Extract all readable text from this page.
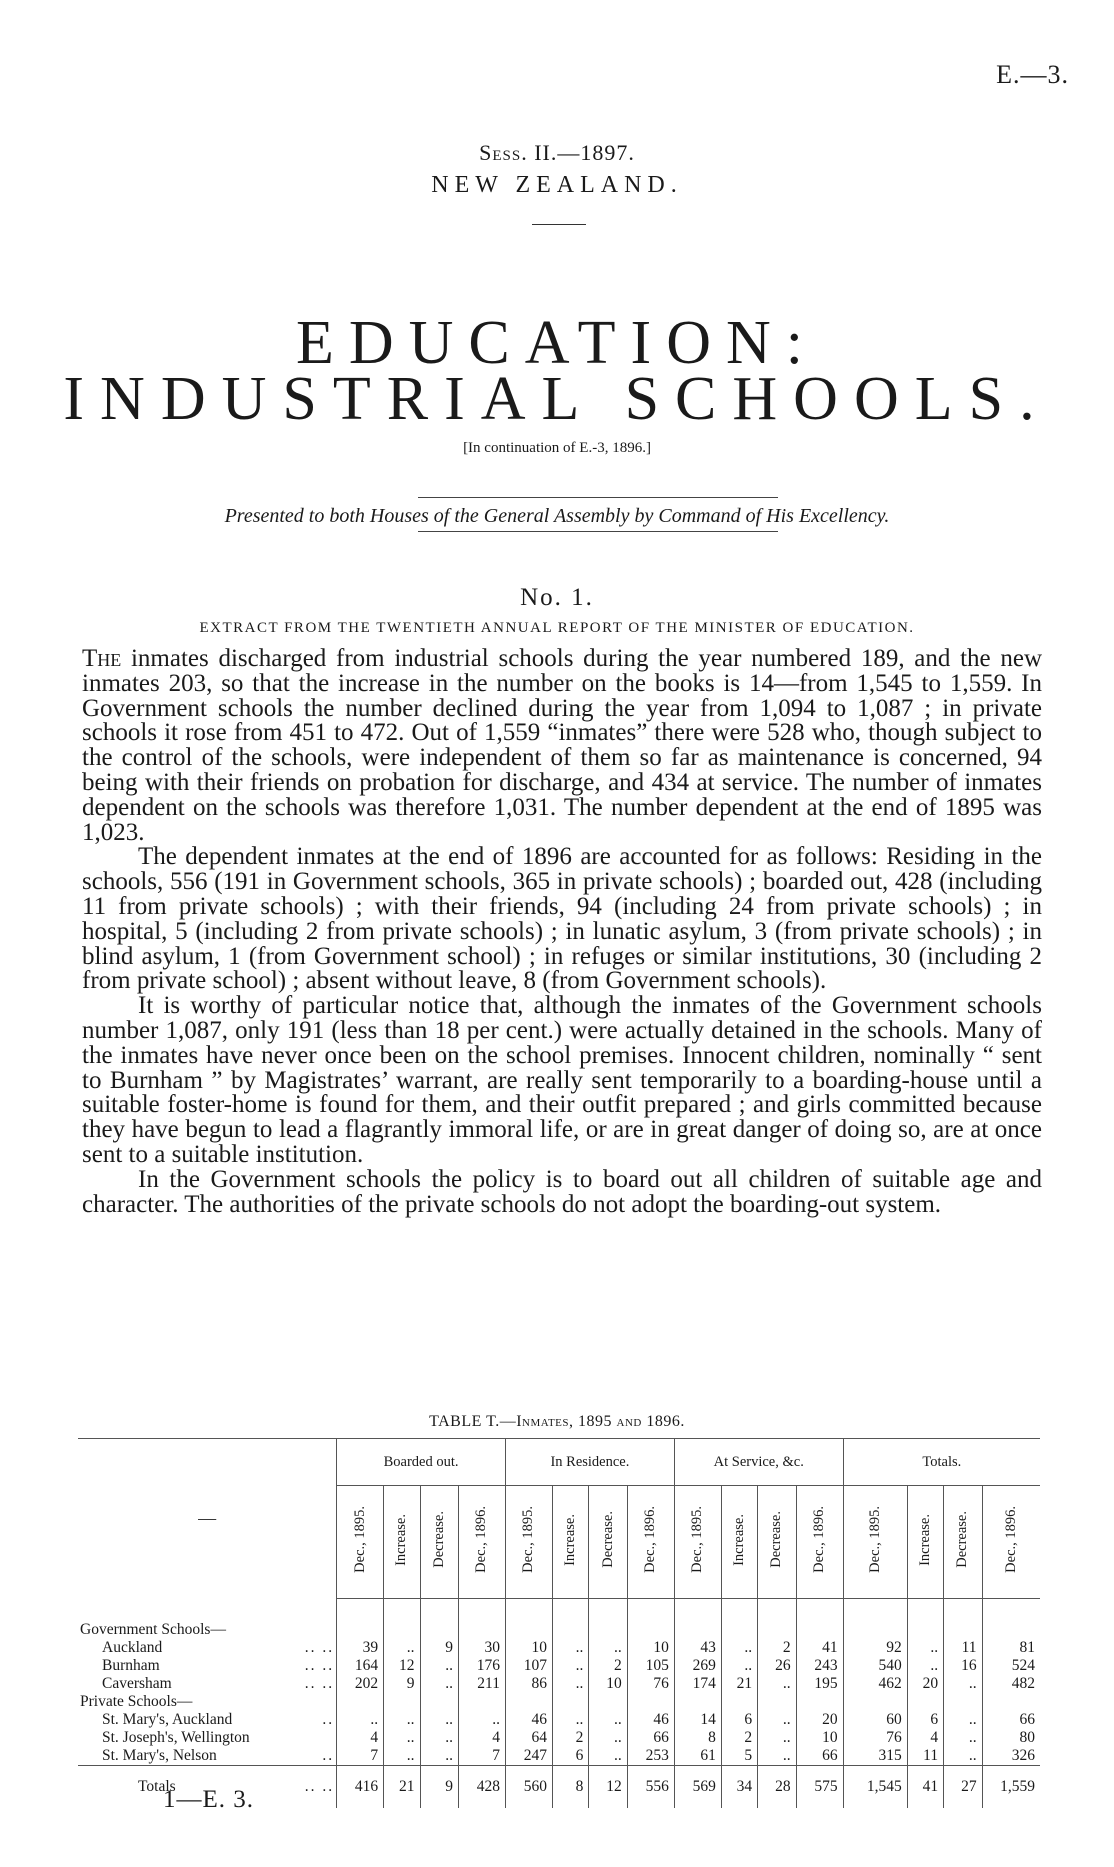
E.—3.
Sess. II.—1897.
NEW ZEALAND.
EDUCATION:
INDUSTRIAL SCHOOLS.
[In continuation of E.-3, 1896.]
Presented to both Houses of the General Assembly by Command of His Excellency.
No. 1.
EXTRACT FROM THE TWENTIETH ANNUAL REPORT OF THE MINISTER OF EDUCATION.

The inmates discharged from industrial schools during the year numbered 189, and the new inmates 203, so that the increase in the number on the books is 14—from 1,545 to 1,559. In Government schools the number declined during the year from 1,094 to 1,087 ; in private schools it rose from 451 to 472. Out of 1,559 “inmates” there were 528 who, though subject to the control of the schools, were independent of them so far as maintenance is concerned, 94 being with their friends on probation for discharge, and 434 at service. The number of inmates dependent on the schools was therefore 1,031. The number dependent at the end of 1895 was 1,023.

The dependent inmates at the end of 1896 are accounted for as follows: Residing in the schools, 556 (191 in Government schools, 365 in private schools) ; boarded out, 428 (including 11 from private schools) ; with their friends, 94 (including 24 from private schools) ; in hospital, 5 (including 2 from private schools) ; in lunatic asylum, 3 (from private schools) ; in blind asylum, 1 (from Government school) ; in refuges or similar institutions, 30 (including 2 from private school) ; absent without leave, 8 (from Government schools).

It is worthy of particular notice that, although the inmates of the Government schools number 1,087, only 191 (less than 18 per cent.) were actually detained in the schools. Many of the inmates have never once been on the school premises. Innocent children, nominally “ sent to Burnham ” by Magistrates’ warrant, are really sent temporarily to a boarding-house until a suitable foster-home is found for them, and their outfit prepared ; and girls committed because they have begun to lead a flagrantly immoral life, or are in great danger of doing so, are at once sent to a suitable institution.

In the Government schools the policy is to board out all children of suitable age and character. The authorities of the private schools do not adopt the boarding-out system.

TABLE T.—Inmates, 1895 and 1896.
—	Boarded out.				In Residence.				At Service, &c.				Totals.			
	Dec., 1895.	Increase.	Decrease.	Dec., 1896.	Dec., 1895.	Increase.	Decrease.	Dec., 1896.	Dec., 1895.	Increase.	Decrease.	Dec., 1896.	Dec., 1895.	Increase.	Decrease.	Dec., 1896.

Government Schools—																
Auckland .. ..	39	..	9	30	10	..	..	10	43	..	2	41	92	..	11	81
Burnham .. ..	164	12	..	176	107	..	2	105	269	..	26	243	540	..	16	524
Caversham .. ..	202	9	..	211	86	..	10	76	174	21	..	195	462	20	..	482
Private Schools—																
St. Mary's, Auckland ..	..	..	..	..	46	..	..	46	14	6	..	20	60	6	..	66
St. Joseph's, Wellington	4	..	..	4	64	2	..	66	8	2	..	10	76	4	..	80
St. Mary's, Nelson ..	7	..	..	7	247	6	..	253	61	5	..	66	315	11	..	326
Totals .. ..	416	21	9	428	560	8	12	556	569	34	28	575	1,545	41	27	1,559
1—E. 3.
